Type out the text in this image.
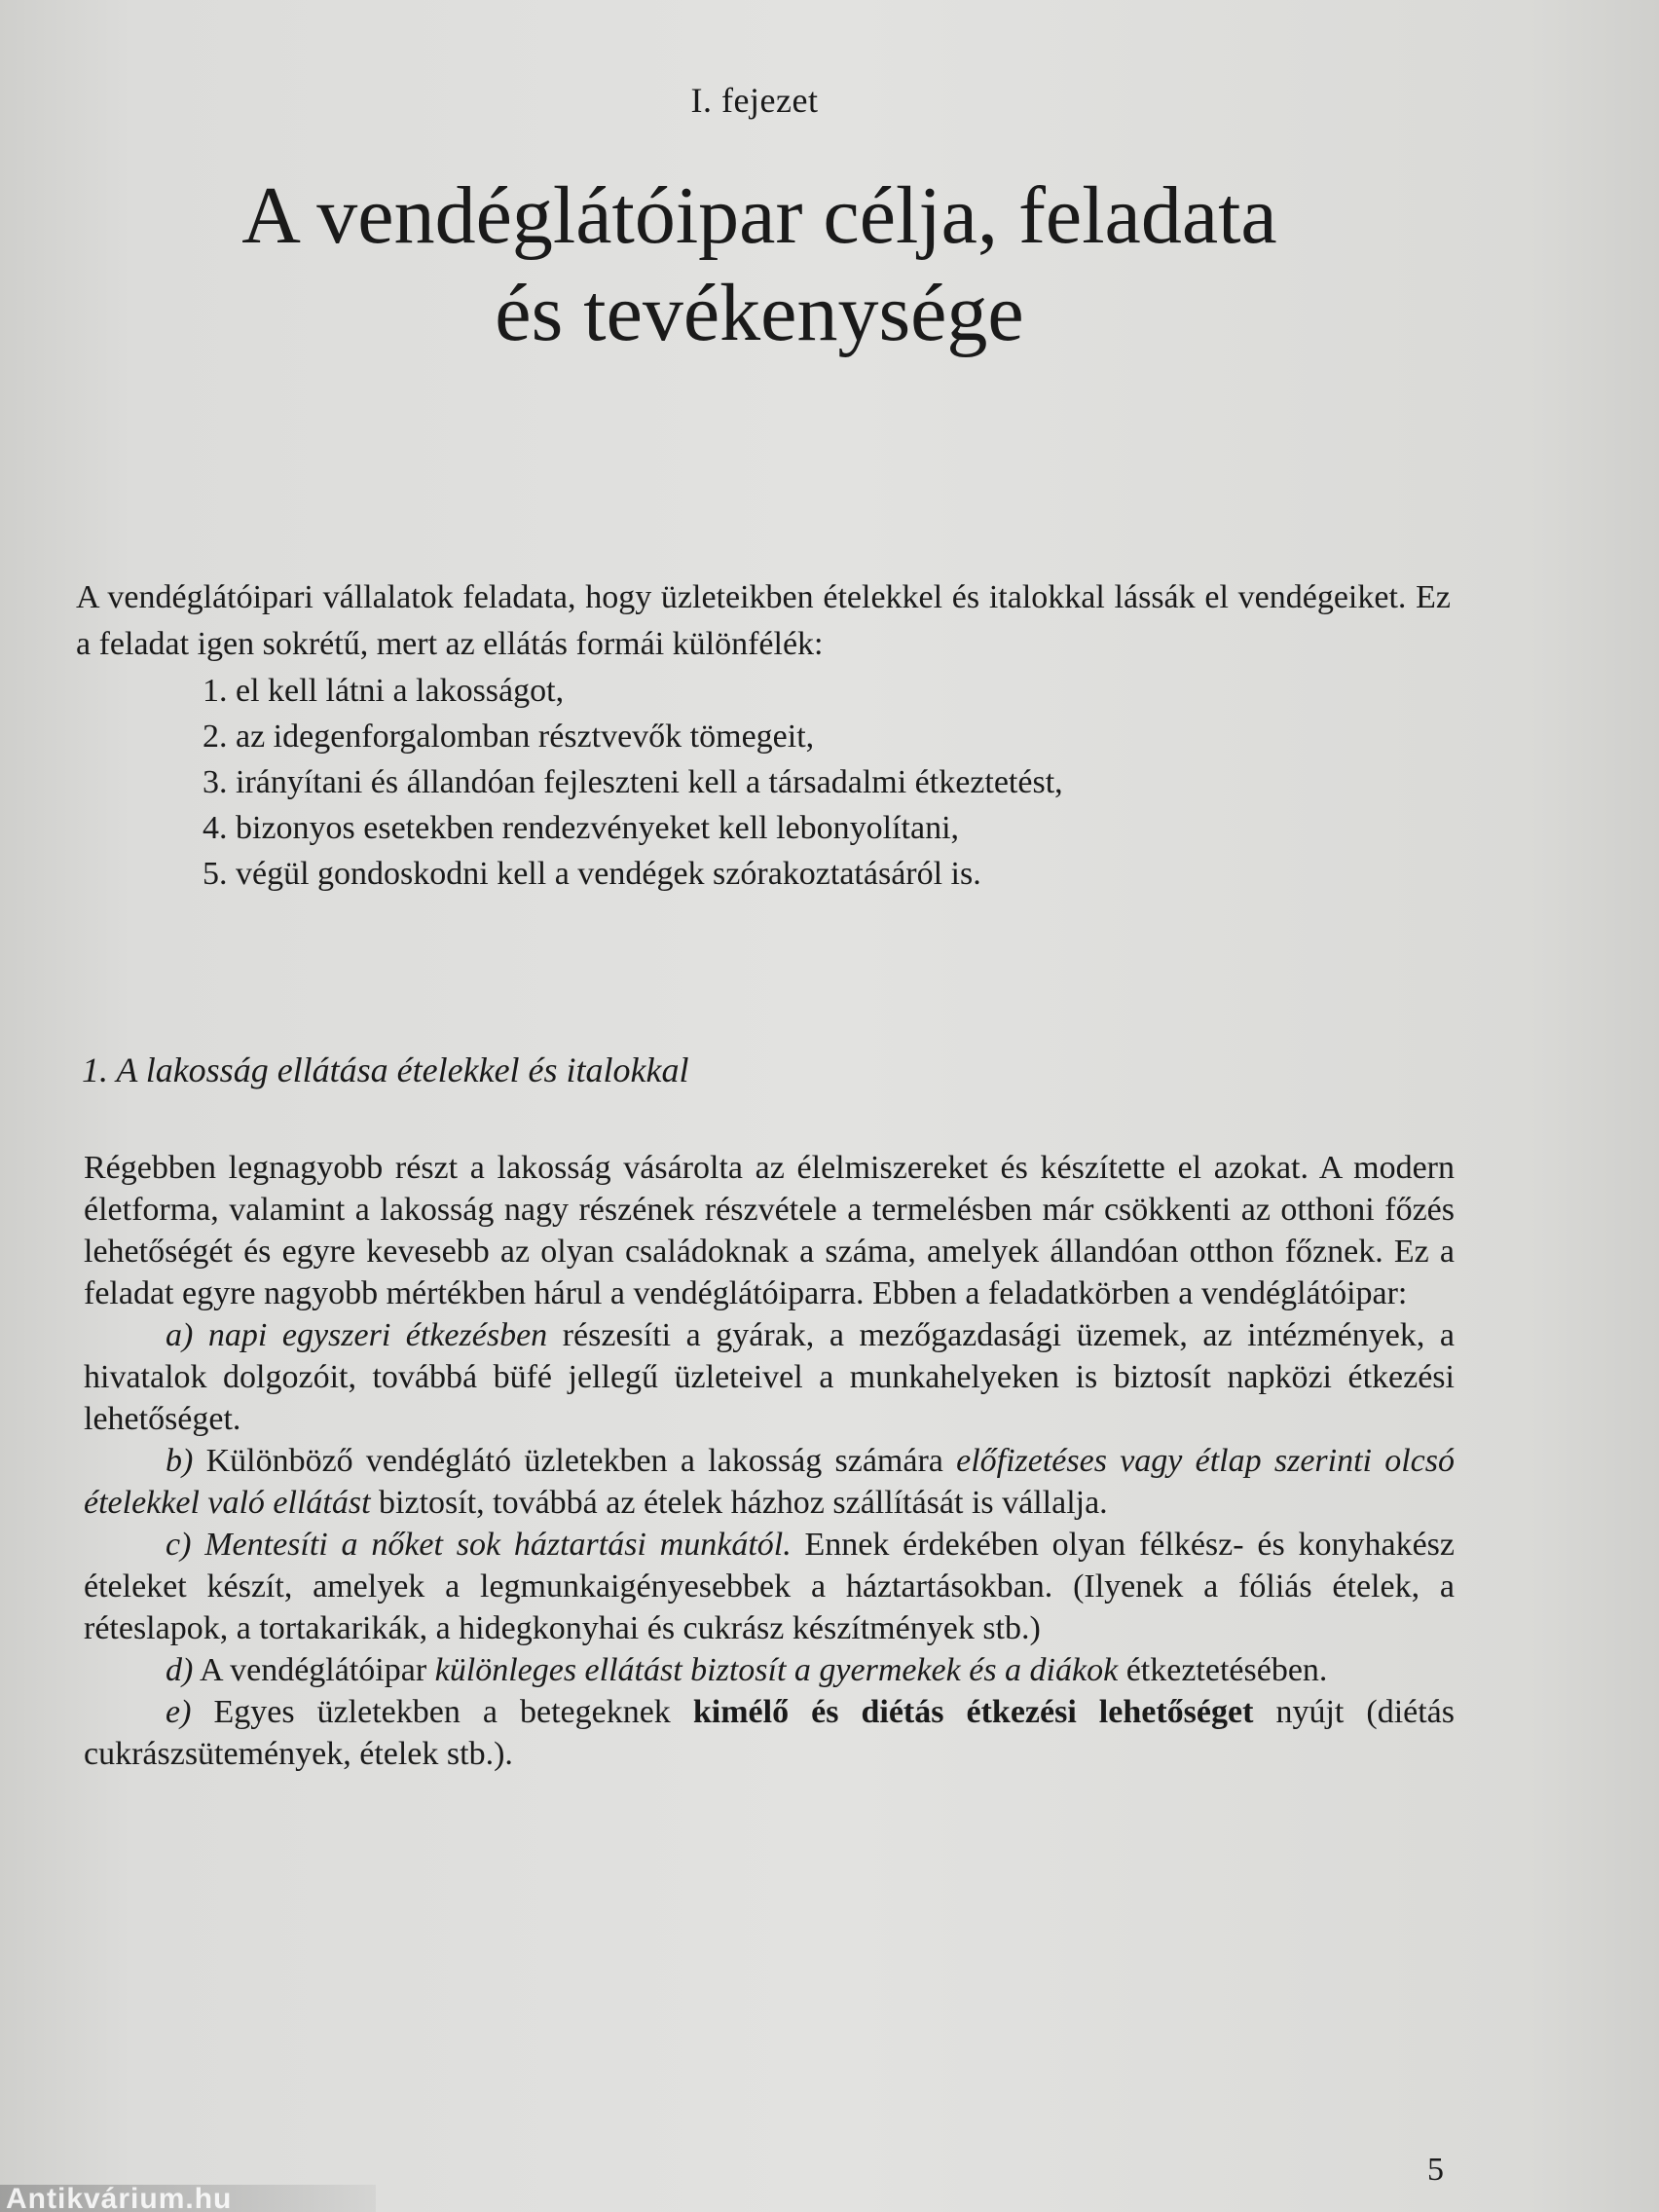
I. fejezet
A vendéglátóipar célja, feladata
és tevékenysége

A vendéglátóipari vállalatok feladata, hogy üzleteikben ételekkel és italokkal lássák el vendégeiket. Ez a feladat igen sokrétű, mert az ellátás formái különfélék:

1. el kell látni a lakosságot,
2. az idegenforgalomban résztvevők tömegeit,
3. irányítani és állandóan fejleszteni kell a társadalmi étkeztetést,
4. bizonyos esetekben rendezvényeket kell lebonyolítani,
5. végül gondoskodni kell a vendégek szórakoztatásáról is.
1. A lakosság ellátása ételekkel és italokkal

Régebben legnagyobb részt a lakosság vásárolta az élelmiszereket és készítette el azokat. A modern életforma, valamint a lakosság nagy részének részvétele a termelésben már csökkenti az otthoni főzés lehetőségét és egyre kevesebb az olyan családoknak a száma, amelyek állandóan otthon főznek. Ez a feladat egyre nagyobb mértékben hárul a vendéglátóiparra. Ebben a feladatkörben a vendéglátóipar:

a) napi egyszeri étkezésben részesíti a gyárak, a mezőgazdasági üzemek, az intézmények, a hivatalok dolgozóit, továbbá büfé jellegű üzleteivel a munkahelyeken is biztosít napközi étkezési lehetőséget.

b) Különböző vendéglátó üzletekben a lakosság számára előfizetéses vagy étlap szerinti olcsó ételekkel való ellátást biztosít, továbbá az ételek házhoz szállítását is vállalja.

c) Mentesíti a nőket sok háztartási munkától. Ennek érdekében olyan félkész- és konyhakész ételeket készít, amelyek a legmunkaigényesebbek a háztartásokban. (Ilyenek a fóliás ételek, a réteslapok, a tortakarikák, a hidegkonyhai és cukrász készítmények stb.)

d) A vendéglátóipar különleges ellátást biztosít a gyermekek és a diákok étkeztetésében.

e) Egyes üzletekben a betegeknek kimélő és diétás étkezési lehetőséget nyújt (diétás cukrászsütemények, ételek stb.).

5
Antikvárium.hu
